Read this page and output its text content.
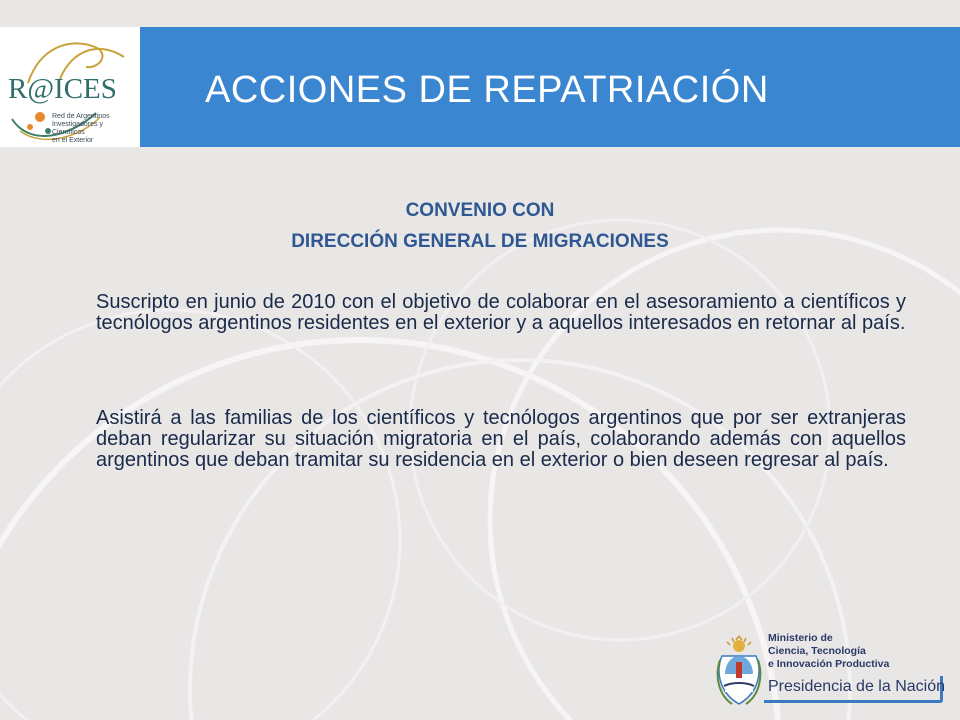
R@ICES
Red de Argentinos
Investigadores y
Científicos
en el Exterior
ACCIONES DE REPATRIACIÓN
CONVENIO CON
DIRECCIÓN GENERAL DE MIGRACIONES
Suscripto en junio de 2010 con el objetivo de colaborar en el asesoramiento a científicos y tecnólogos argentinos residentes en el exterior y a aquellos interesados en retornar al país.
Asistirá a las familias de los científicos y tecnólogos argentinos que por ser extranjeras deban regularizar su situación migratoria en el país, colaborando además con aquellos argentinos que deban tramitar su residencia en el exterior o bien deseen regresar al país.
Ministerio de
Ciencia, Tecnología
e Innovación Productiva
Presidencia de la Nación
